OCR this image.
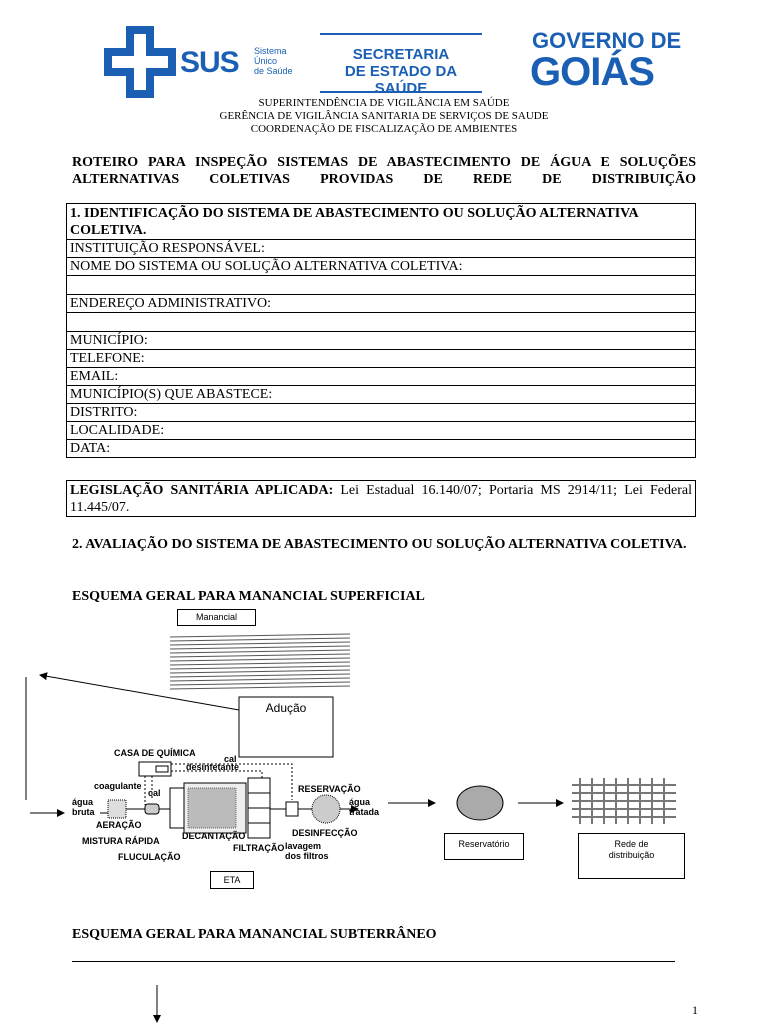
SUS Sistema
Único
de Saúde
SECRETARIA
DE ESTADO DA SAÚDE
GOVERNO DE
GOIÁS
SUPERINTENDÊNCIA DE VIGILÂNCIA EM SAÚDE
GERÊNCIA DE VIGILÂNCIA SANITARIA DE SERVIÇOS DE SAUDE
COORDENAÇÃO DE FISCALIZAÇÃO DE AMBIENTES
ROTEIRO PARA INSPEÇÃO SISTEMAS DE ABASTECIMENTO DE ÁGUA E SOLUÇÕES
ALTERNATIVAS COLETIVAS PROVIDAS DE REDE DE DISTRIBUIÇÃO
1. IDENTIFICAÇÃO DO SISTEMA DE ABASTECIMENTO OU SOLUÇÃO ALTERNATIVA COLETIVA.
INSTITUIÇÃO RESPONSÁVEL:
NOME DO SISTEMA OU SOLUÇÃO ALTERNATIVA COLETIVA:

ENDEREÇO ADMINISTRATIVO:

MUNICÍPIO:
TELEFONE:
EMAIL:
MUNICÍPIO(S) QUE ABASTECE:
DISTRITO:
LOCALIDADE:
DATA:
LEGISLAÇÃO SANITÁRIA APLICADA: Lei Estadual 16.140/07; Portaria MS 2914/11; Lei Federal 11.445/07.
2. AVALIAÇÃO DO SISTEMA DE ABASTECIMENTO OU SOLUÇÃO ALTERNATIVA COLETIVA.
ESQUEMA GERAL PARA MANANCIAL SUPERFICIAL
Manancial
Adução
CASA DE QUÍMICA
cal
desinfetante
coagulante
cal
água
bruta
AERAÇÃO
MISTURA RÁPIDA
FLUCULAÇÃO
DECANTAÇÃO
FILTRAÇÃO lavagem
dos filtros
DESINFECÇÃO
RESERVAÇÃO
água
tratada
ETA
Reservatório	Rede de
distribuição
ESQUEMA GERAL PARA MANANCIAL SUBTERRÂNEO
1
